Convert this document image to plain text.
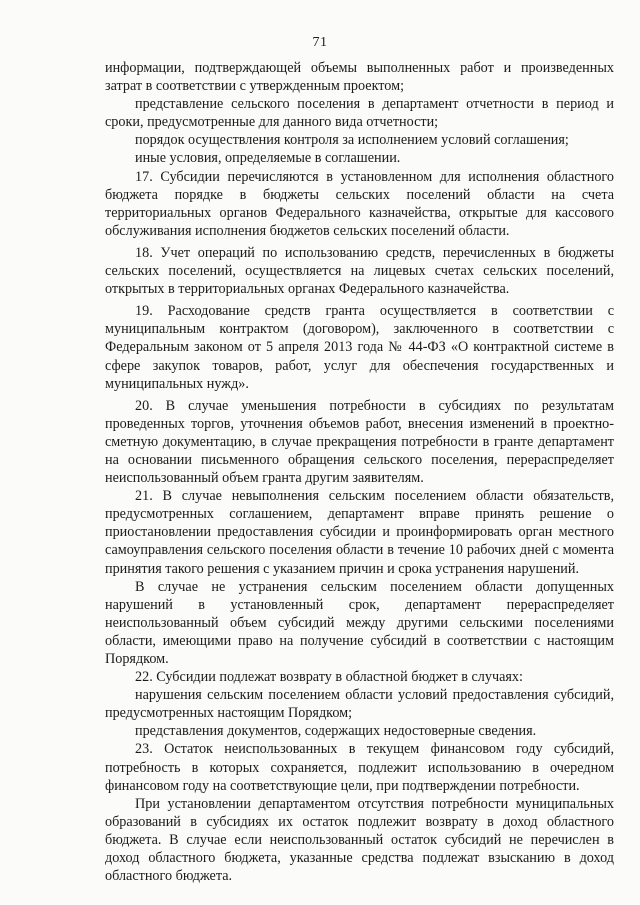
71

информации, подтверждающей объемы выполненных работ и произведенных затрат в соответствии с утвержденным проектом;

представление сельского поселения в департамент отчетности в период и сроки, предусмотренные для данного вида отчетности;

порядок осуществления контроля за исполнением условий соглашения;

иные условия, определяемые в соглашении.

17. Субсидии перечисляются в установленном для исполнения областного бюджета порядке в бюджеты сельских поселений области на счета территориальных органов Федерального казначейства, открытые для кассового обслуживания исполнения бюджетов сельских поселений области.

18. Учет операций по использованию средств, перечисленных в бюджеты сельских поселений, осуществляется на лицевых счетах сельских поселений, открытых в территориальных органах Федерального казначейства.

19. Расходование средств гранта осуществляется в соответствии с муниципальным контрактом (договором), заключенного в соответствии с Федеральным законом от 5 апреля 2013 года № 44-ФЗ «О контрактной системе в сфере закупок товаров, работ, услуг для обеспечения государственных и муниципальных нужд».

20. В случае уменьшения потребности в субсидиях по результатам проведенных торгов, уточнения объемов работ, внесения изменений в проектно-сметную документацию, в случае прекращения потребности в гранте департамент на основании письменного обращения сельского поселения, перераспределяет неиспользованный объем гранта другим заявителям.

21. В случае невыполнения сельским поселением области обязательств, предусмотренных соглашением, департамент вправе принять решение о приостановлении предоставления субсидии и проинформировать орган местного самоуправления сельского поселения области в течение 10 рабочих дней с момента принятия такого решения с указанием причин и срока устранения нарушений.

В случае не устранения сельским поселением области допущенных нарушений в установленный срок, департамент перераспределяет неиспользованный объем субсидий между другими сельскими поселениями области, имеющими право на получение субсидий в соответствии с настоящим Порядком.

22. Субсидии подлежат возврату в областной бюджет в случаях:

нарушения сельским поселением области условий предоставления субсидий, предусмотренных настоящим Порядком;

представления документов, содержащих недостоверные сведения.

23. Остаток неиспользованных в текущем финансовом году субсидий, потребность в которых сохраняется, подлежит использованию в очередном финансовом году на соответствующие цели, при подтверждении потребности.

При установлении департаментом отсутствия потребности муниципальных образований в субсидиях их остаток подлежит возврату в доход областного бюджета. В случае если неиспользованный остаток субсидий не перечислен в доход областного бюджета, указанные средства подлежат взысканию в доход областного бюджета.
